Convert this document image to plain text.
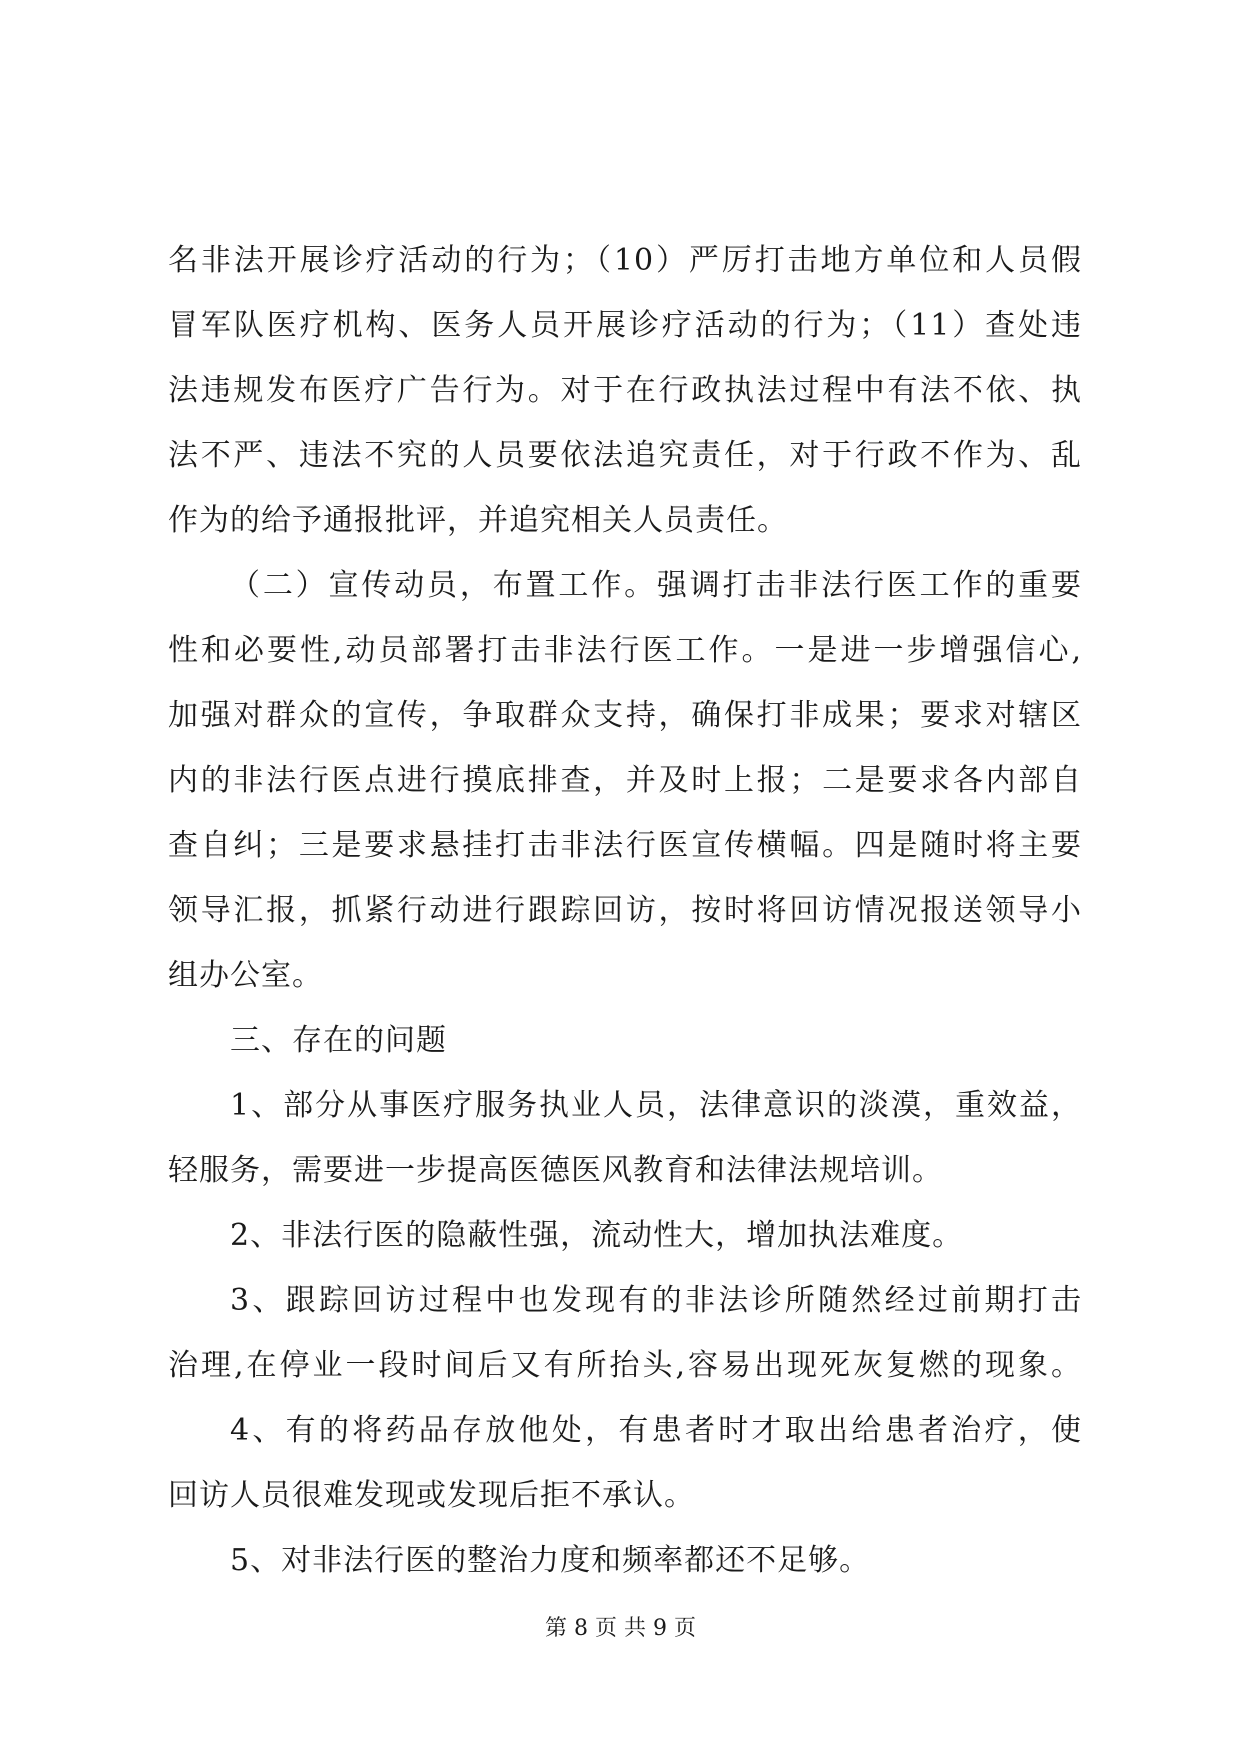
名非法开展诊疗活动的行为；（10）严厉打击地方单位和人员假
冒军队医疗机构、医务人员开展诊疗活动的行为；（11）查处违
法违规发布医疗广告行为。对于在行政执法过程中有法不依、执
法不严、违法不究的人员要依法追究责任，对于行政不作为、乱
作为的给予通报批评，并追究相关人员责任。
（二）宣传动员，布置工作。强调打击非法行医工作的重要
性和必要性,动员部署打击非法行医工作。一是进一步增强信心,
加强对群众的宣传，争取群众支持，确保打非成果；要求对辖区
内的非法行医点进行摸底排查，并及时上报；二是要求各内部自
查自纠；三是要求悬挂打击非法行医宣传横幅。四是随时将主要
领导汇报，抓紧行动进行跟踪回访，按时将回访情况报送领导小
组办公室。
三、存在的问题
1、部分从事医疗服务执业人员，法律意识的淡漠，重效益，
轻服务，需要进一步提高医德医风教育和法律法规培训。
2、非法行医的隐蔽性强，流动性大，增加执法难度。
3、跟踪回访过程中也发现有的非法诊所随然经过前期打击
治理,在停业一段时间后又有所抬头,容易出现死灰复燃的现象。
4、有的将药品存放他处，有患者时才取出给患者治疗，使
回访人员很难发现或发现后拒不承认。
5、对非法行医的整治力度和频率都还不足够。
第 8 页 共 9 页
